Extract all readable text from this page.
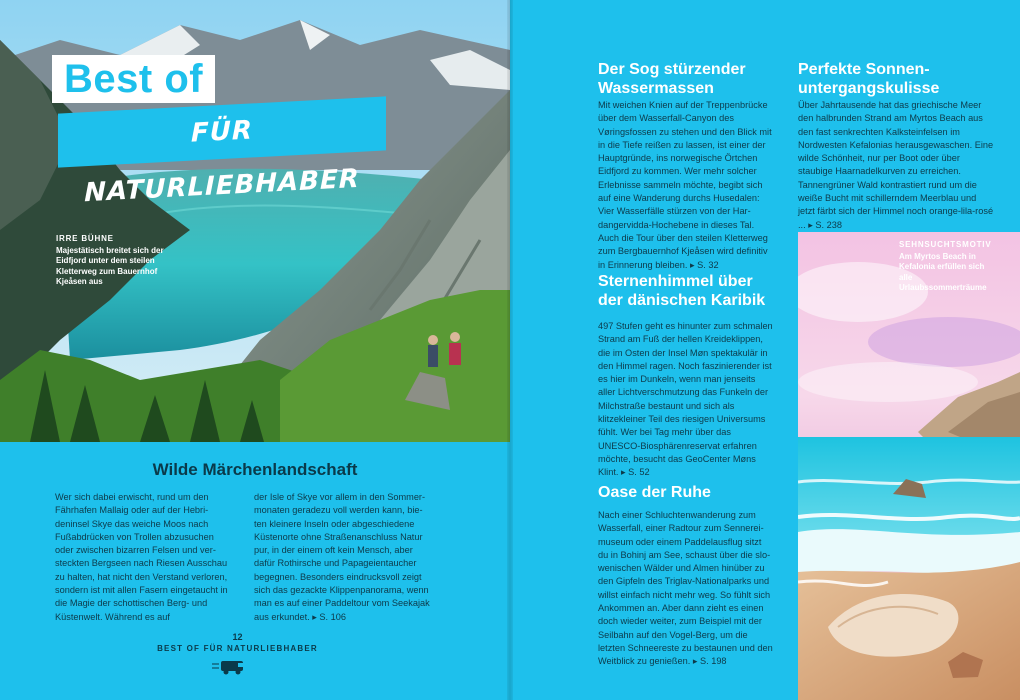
Best of
FÜR NATURLIEBHABER
IRRE BÜHNE
Majestätisch breitet sich der Eidfjord unter dem steilen Kletterweg zum Bauernhof Kjeåsen aus
Wilde Märchenlandschaft
Wer sich dabei erwischt, rund um den Fährhafen Mallaig oder auf der Hebrideninsel Skye das weiche Moos nach Fußabdrücken von Trollen abzusuchen oder zwischen bizarren Felsen und versteckten Bergseen nach Riesen Ausschau zu halten, hat nicht den Verstand verloren, sondern ist mit allen Fasern eingetaucht in die Magie der schottischen Berg- und Küstenwelt. Während es auf
der Isle of Skye vor allem in den Sommermonaten geradezu voll werden kann, bieten kleinere Inseln oder abgeschiedene Küstenorte ohne Straßenanschluss Natur pur, in der einem oft kein Mensch, aber dafür Rothirsche und Papageientaucher begegnen. Besonders eindrucksvoll zeigt sich das gezackte Klippenpanorama, wenn man es auf einer Paddeltour vom Seekajak aus erkundet. ▸ S. 106
12
BEST OF FÜR NATURLIEBHABER
Der Sog stürzender Wassermassen
Mit weichen Knien auf der Treppenbrücke über dem Wasserfall-Canyon des Vøringsfossen zu stehen und den Blick mit in die Tiefe reißen zu lassen, ist einer der Hauptgründe, ins norwegische Örtchen Eidfjord zu kommen. Wer mehr solcher Erlebnisse sammeln möchte, begibt sich auf eine Wanderung durchs Husedalen: Vier Wasserfälle stürzen von der Hardangervidda-Hochebene in dieses Tal. Auch die Tour über den steilen Kletterweg zum Bergbauernhof Kjeåsen wird definitiv in Erinnerung bleiben. ▸ S. 32
Sternenhimmel über der dänischen Karibik
497 Stufen geht es hinunter zum schmalen Strand am Fuß der hellen Kreideklippen, die im Osten der Insel Møn spektakulär in den Himmel ragen. Noch faszinierender ist es hier im Dunkeln, wenn man jenseits aller Lichtverschmutzung das Funkeln der Milchstraße bestaunt und sich als klitzekleiner Teil des riesigen Universums fühlt. Wer bei Tag mehr über das UNESCO-Biosphärenreservat erfahren möchte, besucht das GeoCenter Møns Klint. ▸ S. 52
Oase der Ruhe
Nach einer Schluchtenwanderung zum Wasserfall, einer Radtour zum Sennereimuseum oder einem Paddelausflug sitzt du in Bohinj am See, schaust über die slowenischen Wälder und Almen hinüber zu den Gipfeln des Triglav-Nationalparks und willst einfach nicht mehr weg. So fühlt sich Ankommen an. Aber dann zieht es einen doch wieder weiter, zum Beispiel mit der Seilbahn auf den Vogel-Berg, um die letzten Schneereste zu bestaunen und den Weitblick zu genießen. ▸ S. 198
Perfekte Sonnenuntergangskulisse
Über Jahrtausende hat das griechische Meer den halbrunden Strand am Myrtos Beach aus den fast senkrechten Kalksteinfelsen im Nordwesten Kefalonias herausgewaschen. Eine wilde Schönheit, nur per Boot oder über staubige Haarnadelkurven zu erreichen. Tannengrüner Wald kontrastiert rund um die weiße Bucht mit schillerndem Meerblau und jetzt färbt sich der Himmel noch orange-lila-rosé ... ▸ S. 238
SEHNSUCHTSMOTIV
Am Myrtos Beach in Kefalonia erfüllen sich alle Urlaubssommerträume
